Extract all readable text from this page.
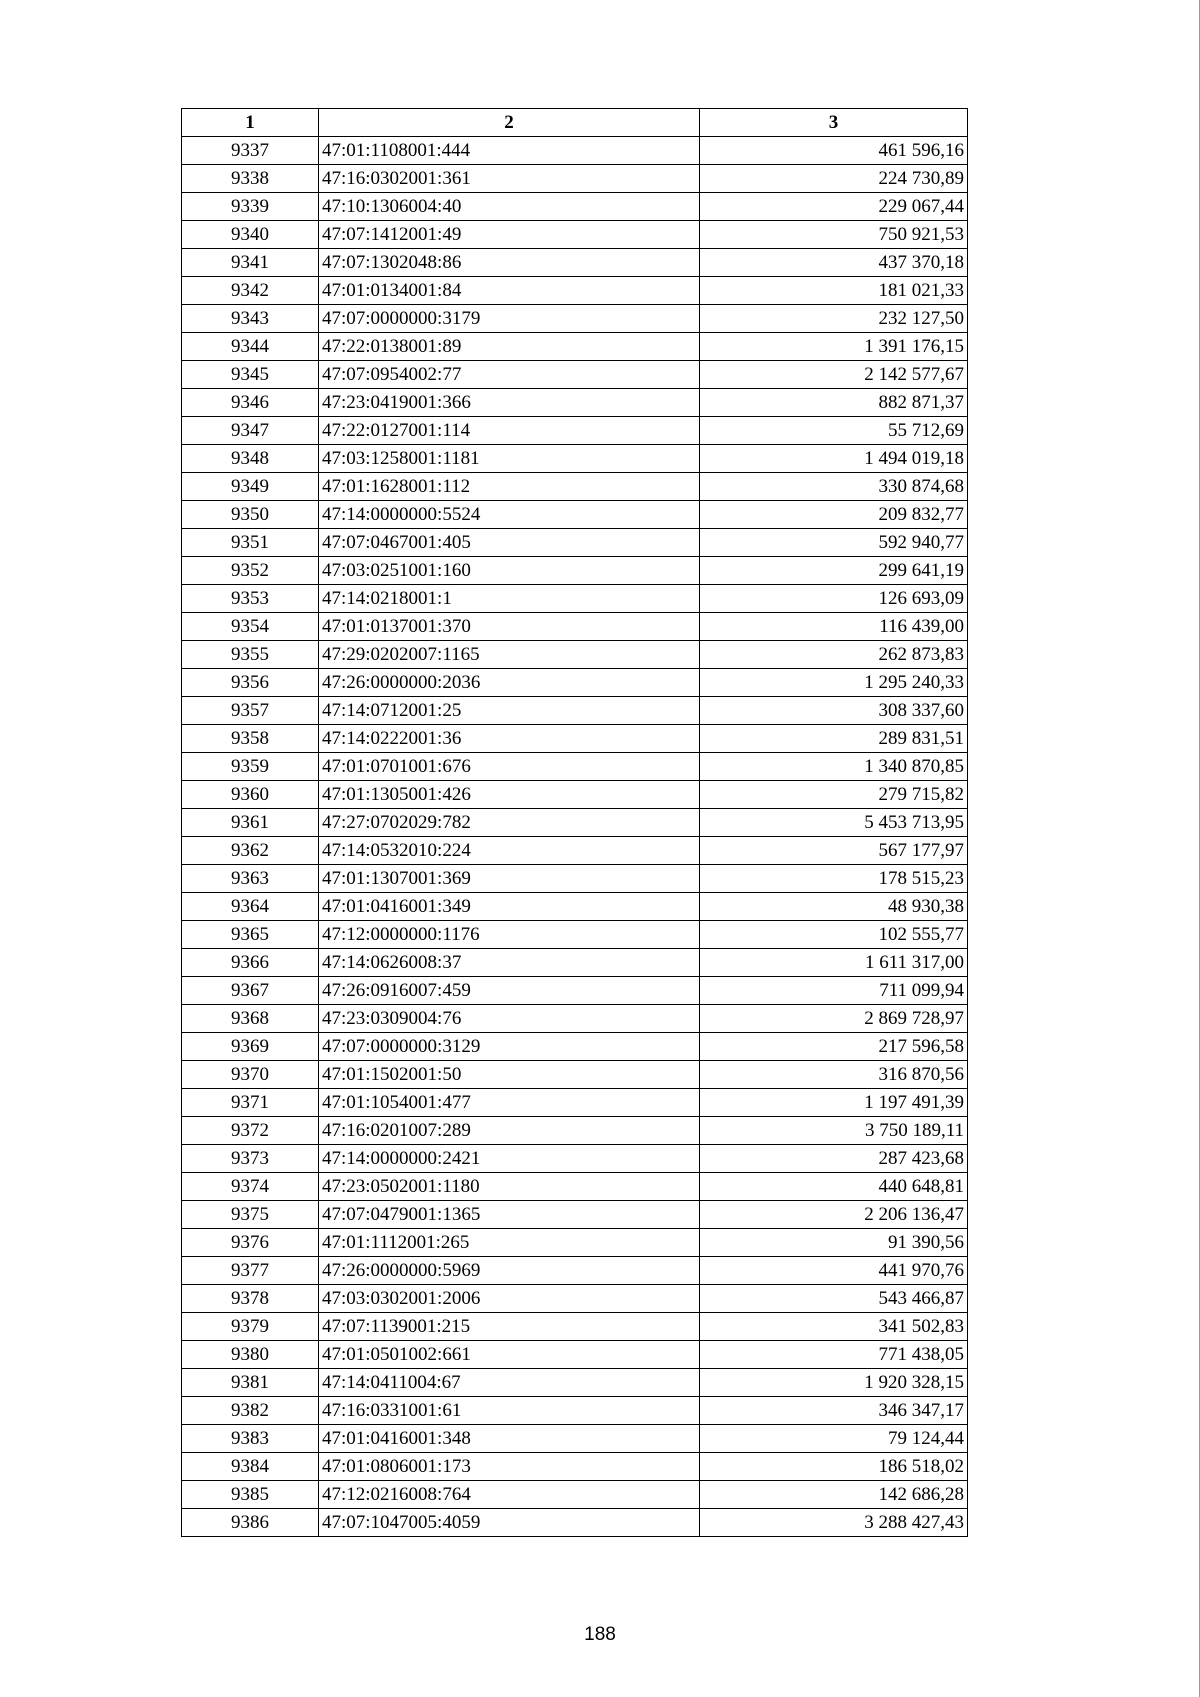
1	2	3
9337	47:01:1108001:444	461 596,16
9338	47:16:0302001:361	224 730,89
9339	47:10:1306004:40	229 067,44
9340	47:07:1412001:49	750 921,53
9341	47:07:1302048:86	437 370,18
9342	47:01:0134001:84	181 021,33
9343	47:07:0000000:3179	232 127,50
9344	47:22:0138001:89	1 391 176,15
9345	47:07:0954002:77	2 142 577,67
9346	47:23:0419001:366	882 871,37
9347	47:22:0127001:114	55 712,69
9348	47:03:1258001:1181	1 494 019,18
9349	47:01:1628001:112	330 874,68
9350	47:14:0000000:5524	209 832,77
9351	47:07:0467001:405	592 940,77
9352	47:03:0251001:160	299 641,19
9353	47:14:0218001:1	126 693,09
9354	47:01:0137001:370	116 439,00
9355	47:29:0202007:1165	262 873,83
9356	47:26:0000000:2036	1 295 240,33
9357	47:14:0712001:25	308 337,60
9358	47:14:0222001:36	289 831,51
9359	47:01:0701001:676	1 340 870,85
9360	47:01:1305001:426	279 715,82
9361	47:27:0702029:782	5 453 713,95
9362	47:14:0532010:224	567 177,97
9363	47:01:1307001:369	178 515,23
9364	47:01:0416001:349	48 930,38
9365	47:12:0000000:1176	102 555,77
9366	47:14:0626008:37	1 611 317,00
9367	47:26:0916007:459	711 099,94
9368	47:23:0309004:76	2 869 728,97
9369	47:07:0000000:3129	217 596,58
9370	47:01:1502001:50	316 870,56
9371	47:01:1054001:477	1 197 491,39
9372	47:16:0201007:289	3 750 189,11
9373	47:14:0000000:2421	287 423,68
9374	47:23:0502001:1180	440 648,81
9375	47:07:0479001:1365	2 206 136,47
9376	47:01:1112001:265	91 390,56
9377	47:26:0000000:5969	441 970,76
9378	47:03:0302001:2006	543 466,87
9379	47:07:1139001:215	341 502,83
9380	47:01:0501002:661	771 438,05
9381	47:14:0411004:67	1 920 328,15
9382	47:16:0331001:61	346 347,17
9383	47:01:0416001:348	79 124,44
9384	47:01:0806001:173	186 518,02
9385	47:12:0216008:764	142 686,28
9386	47:07:1047005:4059	3 288 427,43
188
